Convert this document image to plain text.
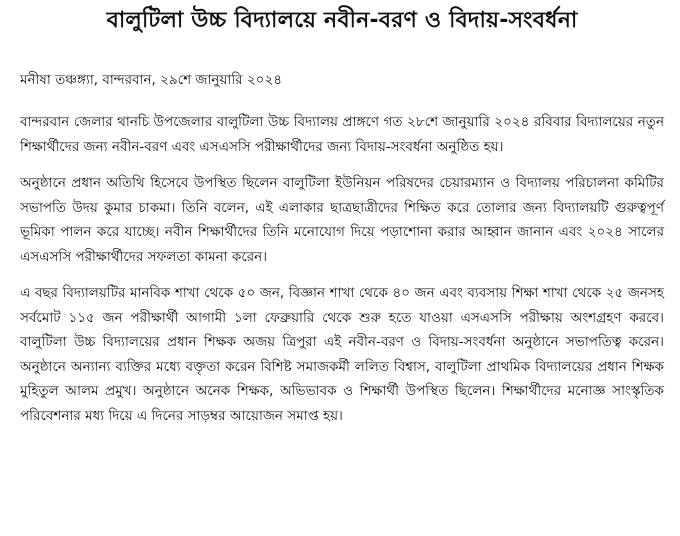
বালুটিলা উচ্চ বিদ্যালয়ে নবীন-বরণ ও বিদায়-সংবর্ধনা

মনীষা তঞ্চঙ্গ্যা, বান্দরবান, ২৯শে জানুয়ারি ২০২৪

বান্দরবান জেলার থানচি উপজেলার বালুটিলা উচ্চ বিদ্যালয় প্রাঙ্গণে গত ২৮শে জানুয়ারি ২০২৪ রবিবার বিদ্যালয়ের নতুন শিক্ষার্থীদের জন্য নবীন-বরণ এবং এসএসসি পরীক্ষার্থীদের জন্য বিদায়-সংবর্ধনা অনুষ্ঠিত হয়।

অনুষ্ঠানে প্রধান অতিথি হিসেবে উপস্থিত ছিলেন বালুটিলা ইউনিয়ন পরিষদের চেয়ারম্যান ও বিদ্যালয় পরিচালনা কমিটির সভাপতি উদয় কুমার চাকমা। তিনি বলেন, এই এলাকার ছাত্রছাত্রীদের শিক্ষিত করে তোলার জন্য বিদ্যালয়টি গুরুত্বপূর্ণ ভূমিকা পালন করে যাচ্ছে। নবীন শিক্ষার্থীদের তিনি মনোযোগ দিয়ে পড়াশোনা করার আহ্বান জানান এবং ২০২৪ সালের এসএসসি পরীক্ষার্থীদের সফলতা কামনা করেন।

এ বছর বিদ্যালয়টির মানবিক শাখা থেকে ৫০ জন, বিজ্ঞান শাখা থেকে ৪০ জন এবং ব্যবসায় শিক্ষা শাখা থেকে ২৫ জনসহ সর্বমোট ১১৫ জন পরীক্ষার্থী আগামী ১লা ফেব্রুয়ারি থেকে শুরু হতে যাওয়া এসএসসি পরীক্ষায় অংশগ্রহণ করবে। বালুটিলা উচ্চ বিদ্যালয়ের প্রধান শিক্ষক অজয় ত্রিপুরা এই নবীন-বরণ ও বিদায়-সংবর্ধনা অনুষ্ঠানে সভাপতিত্ব করেন। অনুষ্ঠানে অন্যান্য ব্যক্তির মধ্যে বক্তৃতা করেন বিশিষ্ট সমাজকর্মী ললিত বিশ্বাস, বালুটিলা প্রাথমিক বিদ্যালয়ের প্রধান শিক্ষক মুহিতুল আলম প্রমুখ। অনুষ্ঠানে অনেক শিক্ষক, অভিভাবক ও শিক্ষার্থী উপস্থিত ছিলেন। শিক্ষার্থীদের মনোজ্ঞ সাংস্কৃতিক পরিবেশনার মধ্য দিয়ে এ দিনের সাড়ম্বর আয়োজন সমাপ্ত হয়।
